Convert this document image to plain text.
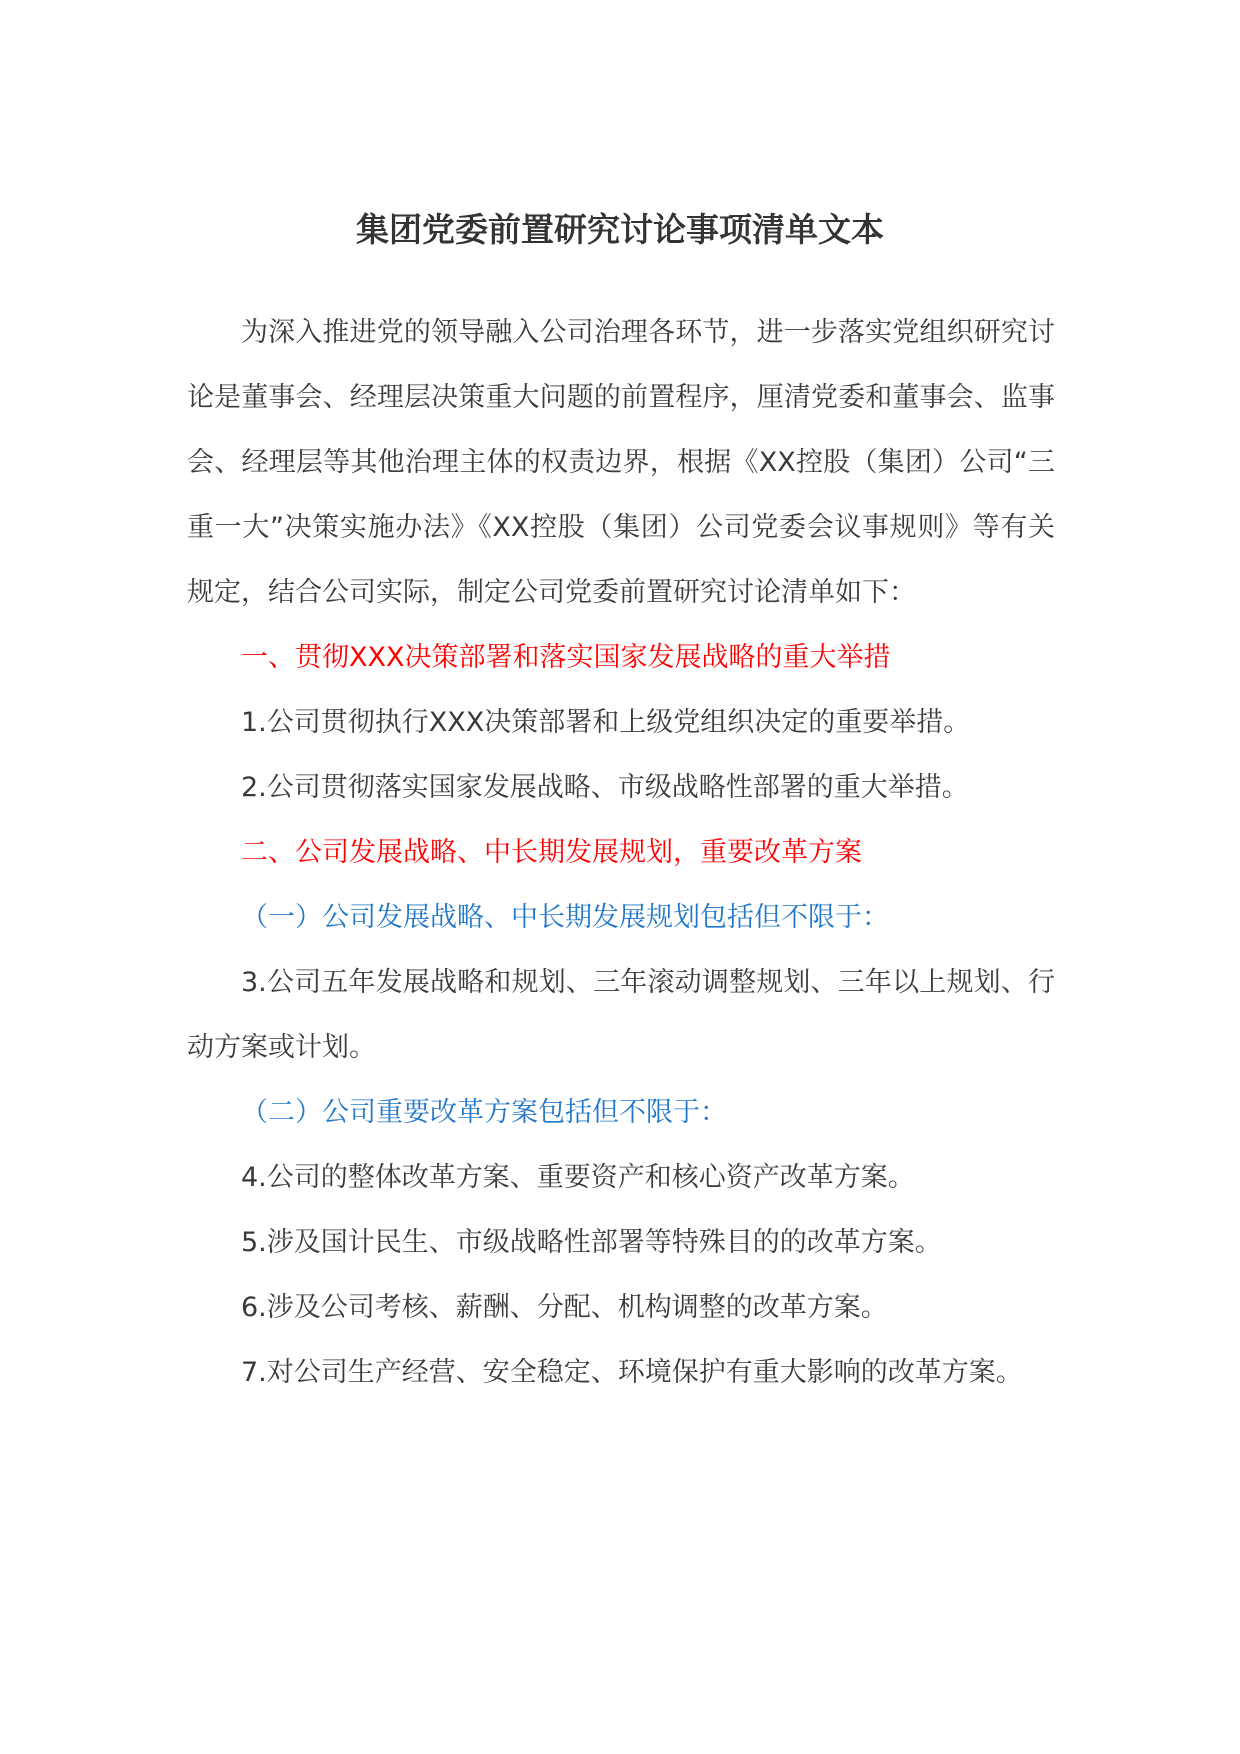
集团党委前置研究讨论事项清单文本

为深入推进党的领导融入公司治理各环节，进一步落实党组织研究讨论是董事会、经理层决策重大问题的前置程序，厘清党委和董事会、监事会、经理层等其他治理主体的权责边界，根据《XX控股（集团）公司“三重一大”决策实施办法》《XX控股（集团）公司党委会议事规则》等有关规定，结合公司实际，制定公司党委前置研究讨论清单如下：

一、贯彻XXX决策部署和落实国家发展战略的重大举措

1.公司贯彻执行XXX决策部署和上级党组织决定的重要举措。

2.公司贯彻落实国家发展战略、市级战略性部署的重大举措。

二、公司发展战略、中长期发展规划，重要改革方案

（一）公司发展战略、中长期发展规划包括但不限于：

3.公司五年发展战略和规划、三年滚动调整规划、三年以上规划、行动方案或计划。

（二）公司重要改革方案包括但不限于：

4.公司的整体改革方案、重要资产和核心资产改革方案。

5.涉及国计民生、市级战略性部署等特殊目的的改革方案。

6.涉及公司考核、薪酬、分配、机构调整的改革方案。

7.对公司生产经营、安全稳定、环境保护有重大影响的改革方案。
